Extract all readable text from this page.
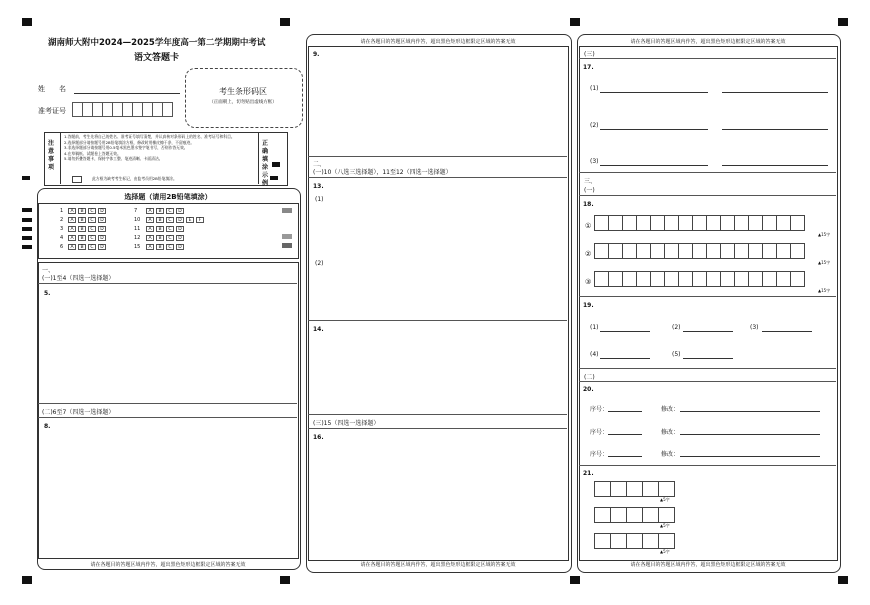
湖南师大附中2024—2025学年度高一第二学期期中考试
语文答题卡
姓　　名
准考证号
考生条形码区
（正面朝上，切勿贴出虚线方框）
注意事项
1.答题前，考生先将自己的姓名、准考证号填写清楚，并认真核对条形码上的姓名、准考证号和科目。
2.选择题部分请按题号用2B铅笔填涂方框，修改时用橡皮擦干净，不留痕迹。
3.非选择题部分请按题号用0.5毫米黑色墨水签字笔书写，否则作答无效。
4.在草稿纸、试题卷上答题无效。
5.请勿折叠答题卡，保持字体工整、笔迹清晰、卡面清洁。
此方框为缺考考生标记，由监考员用2B铅笔填涂。
正确填涂示例
选择题（请用2B铅笔填涂）
1 A B C D
2 A B C D
3 A B C D
4 A B C D
6 A B C D
7	A B C D
10 A B C D E F
11 A B C D
12 A B C D
15 A B C D
一、
(一)1至4（四选一选择题）
5.
(二)6至7（四选一选择题）
8.
请在各题目的答题区域内作答，超出黑色矩形边框限定区域的答案无效
请在各题目的答题区域内作答，超出黑色矩形边框限定区域的答案无效
9.
二、
(一)10（八选三选择题），11至12（四选一选择题）
13.
(1)
(2)
14.
(三)15（四选一选择题）
16.
请在各题目的答题区域内作答，超出黑色矩形边框限定区域的答案无效
请在各题目的答题区域内作答，超出黑色矩形边框限定区域的答案无效
(三)
17.
(1)
(2)
(3)
三、
(一)
18.
①
▲15字
②
▲15字
③
▲15字
19.
(1)	(2)	(3)
(4)	(5)
(二)
20.
序号：	修改：
序号：	修改：
序号：	修改：
21.
▲5字
▲5字
▲5字
请在各题目的答题区域内作答，超出黑色矩形边框限定区域的答案无效
